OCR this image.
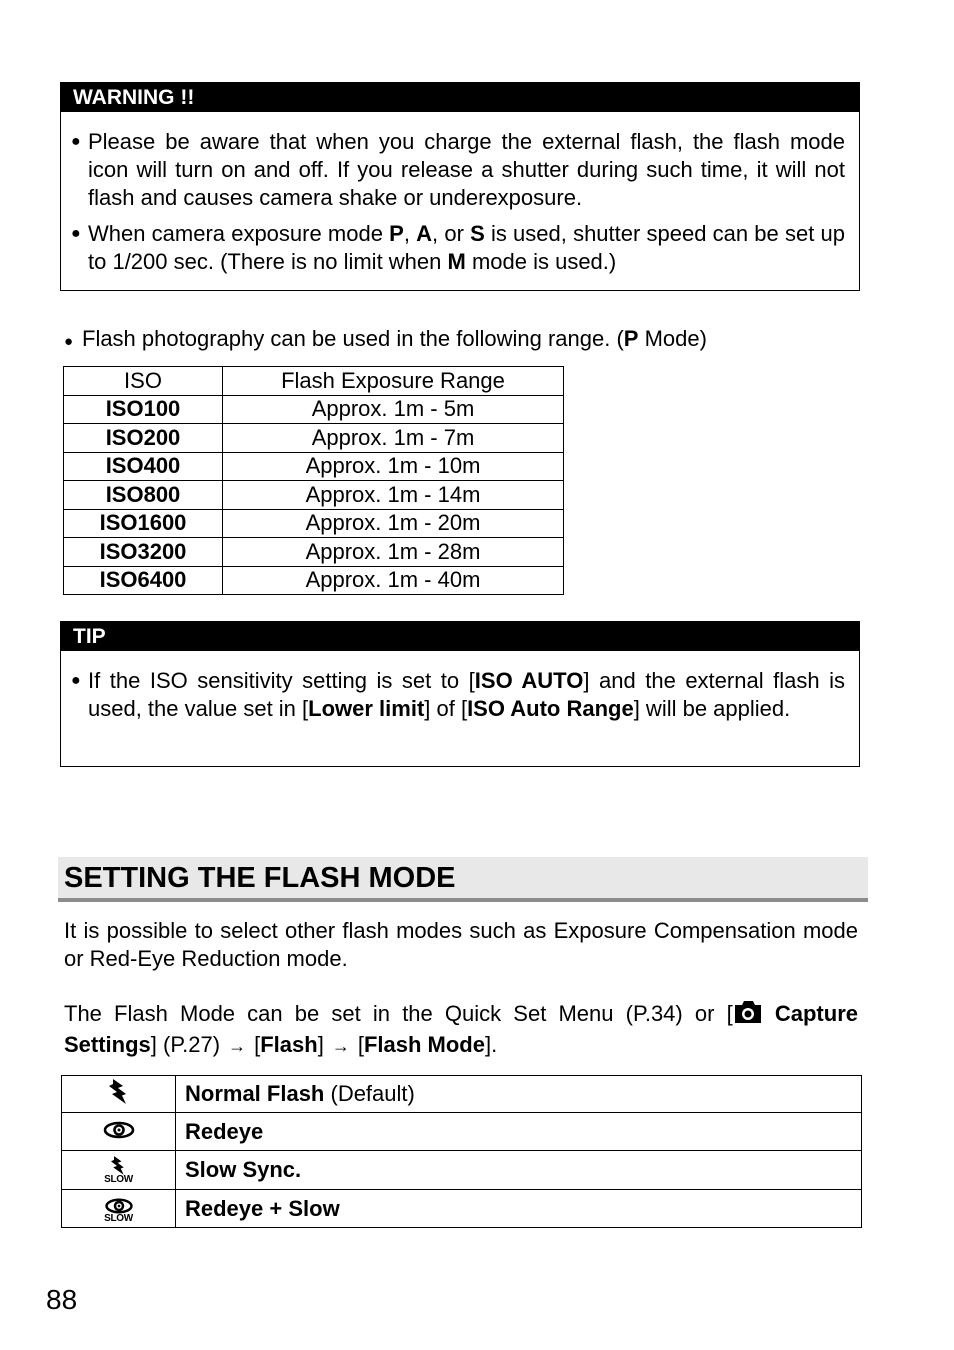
WARNING !!
● Please be aware that when you charge the external flash, the flash mode icon will turn on and off. If you release a shutter during such time, it will not flash and causes camera shake or underexposure.
● When camera exposure mode P, A, or S is used, shutter speed can be set up to 1/200 sec. (There is no limit when M mode is used.)
● Flash photography can be used in the following range. (P Mode)
ISO	Flash Exposure Range
ISO100	Approx. 1m - 5m
ISO200	Approx. 1m - 7m
ISO400	Approx. 1m - 10m
ISO800	Approx. 1m - 14m
ISO1600	Approx. 1m - 20m
ISO3200	Approx. 1m - 28m
ISO6400	Approx. 1m - 40m
TIP
● If the ISO sensitivity setting is set to [ISO AUTO] and the external flash is used, the value set in [Lower limit] of [ISO Auto Range] will be applied.
SETTING THE FLASH MODE
It is possible to select other flash modes such as Exposure Compensation mode or Red-Eye Reduction mode.
The Flash Mode can be set in the Quick Set Menu (P.34) or [ Capture Settings] (P.27) → [Flash] → [Flash Mode].
	Normal Flash (Default)

	Redeye

SLOW	Slow Sync.

SLOW	Redeye + Slow
88
